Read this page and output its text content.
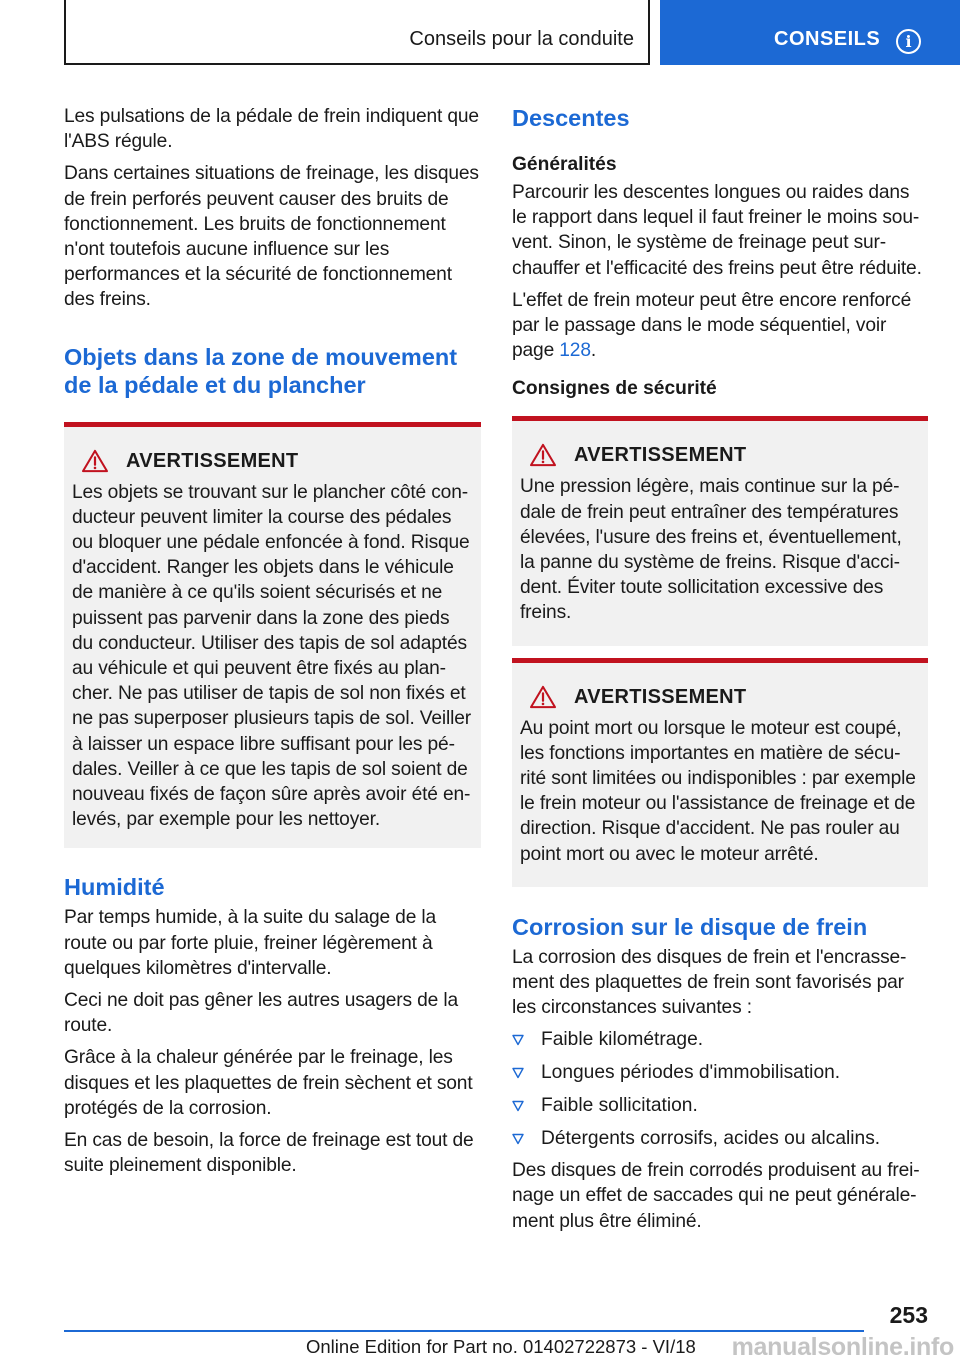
Conseils pour la conduite	CONSEILS	i

Les pulsations de la pédale de frein indiquent que l'ABS régule.

Dans certaines situations de freinage, les disques de frein perforés peuvent causer des bruits de fonctionnement. Les bruits de fonctionnement n'ont toutefois aucune influence sur les performances et la sécurité de fonctionnement des freins.

Objets dans la zone de mouvement de la pédale et du plancher
AVERTISSEMENT

Les objets se trouvant sur le plancher côté conducteur peuvent limiter la course des pédales ou bloquer une pédale enfoncée à fond. Risque d'accident. Ranger les objets dans le véhicule de manière à ce qu'ils soient sécurisés et ne puissent pas parvenir dans la zone des pieds du conducteur. Utiliser des tapis de sol adaptés au véhicule et qui peuvent être fixés au plancher. Ne pas utiliser de tapis de sol non fixés et ne pas superposer plusieurs tapis de sol. Veiller à laisser un espace libre suffisant pour les pédales. Veiller à ce que les tapis de sol soient de nouveau fixés de façon sûre après avoir été enlevés, par exemple pour les nettoyer.

Humidité

Par temps humide, à la suite du salage de la route ou par forte pluie, freiner légèrement à quelques kilomètres d'intervalle.

Ceci ne doit pas gêner les autres usagers de la route.

Grâce à la chaleur générée par le freinage, les disques et les plaquettes de frein sèchent et sont protégés de la corrosion.

En cas de besoin, la force de freinage est tout de suite pleinement disponible.

Descentes
Généralités

Parcourir les descentes longues ou raides dans le rapport dans lequel il faut freiner le moins souvent. Sinon, le système de freinage peut surchauffer et l'efficacité des freins peut être réduite.

L'effet de frein moteur peut être encore renforcé par le passage dans le mode séquentiel, voir page 128.

Consignes de sécurité
AVERTISSEMENT

Une pression légère, mais continue sur la pédale de frein peut entraîner des températures élevées, l'usure des freins et, éventuellement, la panne du système de freins. Risque d'accident. Éviter toute sollicitation excessive des freins.

AVERTISSEMENT

Au point mort ou lorsque le moteur est coupé, les fonctions importantes en matière de sécurité sont limitées ou indisponibles : par exemple le frein moteur ou l'assistance de freinage et de direction. Risque d'accident. Ne pas rouler au point mort ou avec le moteur arrêté.

Corrosion sur le disque de frein

La corrosion des disques de frein et l'encrassement des plaquettes de frein sont favorisés par les circonstances suivantes :

Faible kilométrage.
Longues périodes d'immobilisation.
Faible sollicitation.
Détergents corrosifs, acides ou alcalins.

Des disques de frein corrodés produisent au freinage un effet de saccades qui ne peut généralement plus être éliminé.

253
Online Edition for Part no. 01402722873 - VI/18 manualsonline.info
